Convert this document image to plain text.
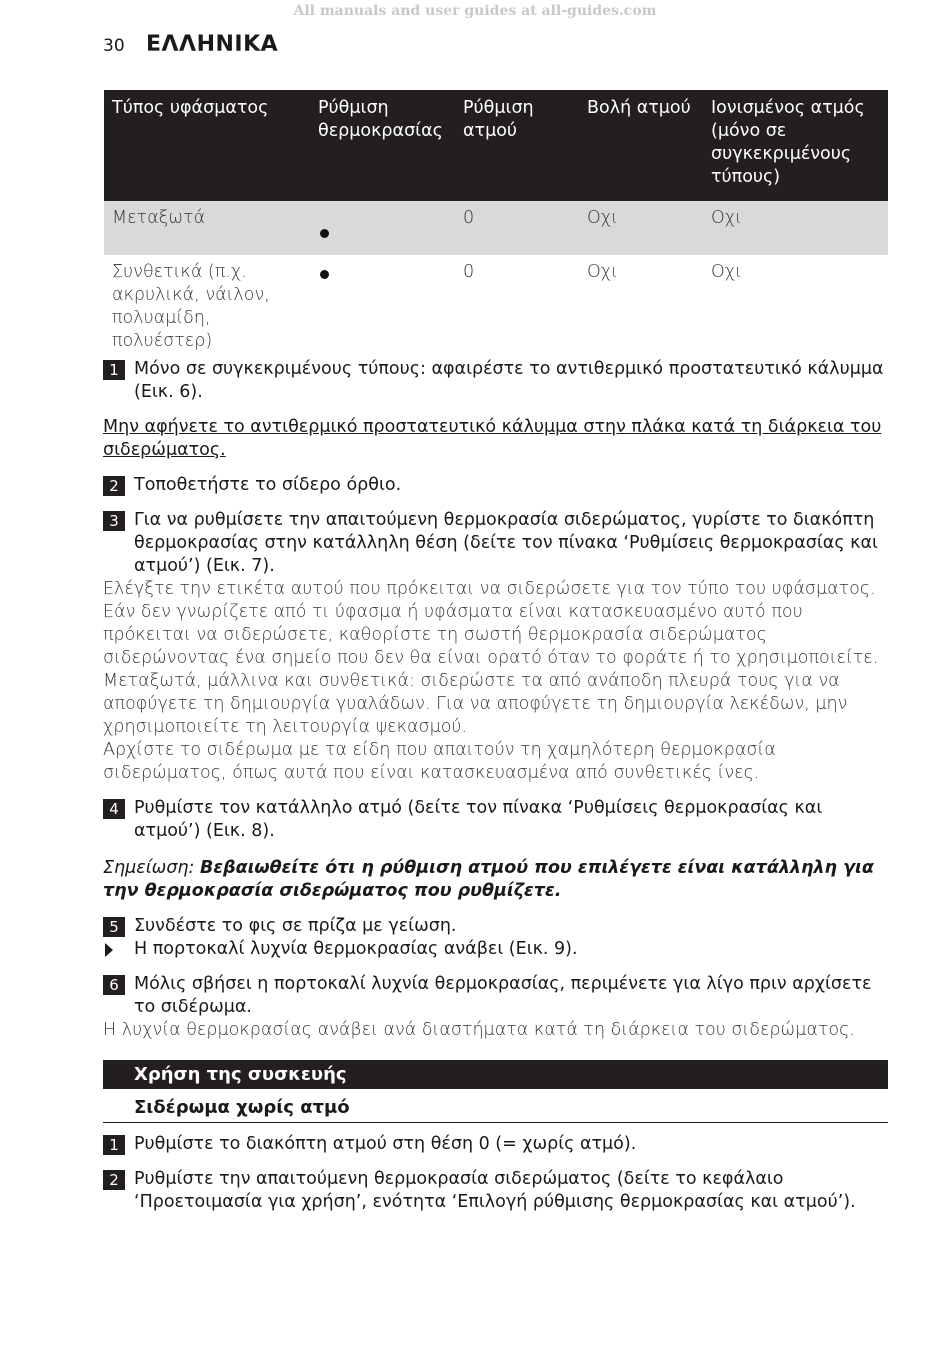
All manuals and user guides at all-guides.com
30 ΕΛΛΗΝΙΚΑ
Τύπος υφάσματος	Ρύθμιση θερμοκρασίας	Ρύθμιση ατμού	Βολή ατμού	Ιονισμένος ατμός (μόνο σε συγκεκριμένους τύπους)
Μεταξωτά		0	Οχι	Οχι
Συνθετικά (π.χ. ακρυλικά, νάιλον, πολυαμίδη, πολυέστερ)		0	Οχι	Οχι
1 Μόνο σε συγκεκριμένους τύπους: αφαιρέστε το αντιθερμικό προστατευτικό κάλυμμα (Εικ. 6).

Μην αφήνετε το αντιθερμικό προστατευτικό κάλυμμα στην πλάκα κατά τη διάρκεια του σιδερώματος.

2 Τοποθετήστε το σίδερο όρθιο.
3 Για να ρυθμίσετε την απαιτούμενη θερμοκρασία σιδερώματος, γυρίστε το διακόπτη θερμοκρασίας στην κατάλληλη θέση (δείτε τον πίνακα ‘Ρυθμίσεις θερμοκρασίας και ατμού’) (Εικ. 7).

Ελέγξτε την ετικέτα αυτού που πρόκειται να σιδερώσετε για τον τύπο του υφάσματος.

Εάν δεν γνωρίζετε από τι ύφασμα ή υφάσματα είναι κατασκευασμένο αυτό που πρόκειται να σιδερώσετε, καθορίστε τη σωστή θερμοκρασία σιδερώματος σιδερώνοντας ένα σημείο που δεν θα είναι ορατό όταν το φοράτε ή το χρησιμοποιείτε.

Μεταξωτά, μάλλινα και συνθετικά: σιδερώστε τα από ανάποδη πλευρά τους για να αποφύγετε τη δημιουργία γυαλάδων. Για να αποφύγετε τη δημιουργία λεκέδων, μην χρησιμοποιείτε τη λειτουργία ψεκασμού.

Αρχίστε το σιδέρωμα με τα είδη που απαιτούν τη χαμηλότερη θερμοκρασία σιδερώματος, όπως αυτά που είναι κατασκευασμένα από συνθετικές ίνες.

4 Ρυθμίστε τον κατάλληλο ατμό (δείτε τον πίνακα ‘Ρυθμίσεις θερμοκρασίας και ατμού’) (Εικ. 8).

Σημείωση: Βεβαιωθείτε ότι η ρύθμιση ατμού που επιλέγετε είναι κατάλληλη για την θερμοκρασία σιδερώματος που ρυθμίζετε.

5 Συνδέστε το φις σε πρίζα με γείωση.
Η πορτοκαλί λυχνία θερμοκρασίας ανάβει (Εικ. 9).
6 Μόλις σβήσει η πορτοκαλί λυχνία θερμοκρασίας, περιμένετε για λίγο πριν αρχίσετε το σιδέρωμα.

Η λυχνία θερμοκρασίας ανάβει ανά διαστήματα κατά τη διάρκεια του σιδερώματος.

Χρήση της συσκευής
Σιδέρωμα χωρίς ατμό
1 Ρυθμίστε το διακόπτη ατμού στη θέση 0 (= χωρίς ατμό).
2 Ρυθμίστε την απαιτούμενη θερμοκρασία σιδερώματος (δείτε το κεφάλαιο ‘Προετοιμασία για χρήση’, ενότητα ‘Επιλογή ρύθμισης θερμοκρασίας και ατμού’).
